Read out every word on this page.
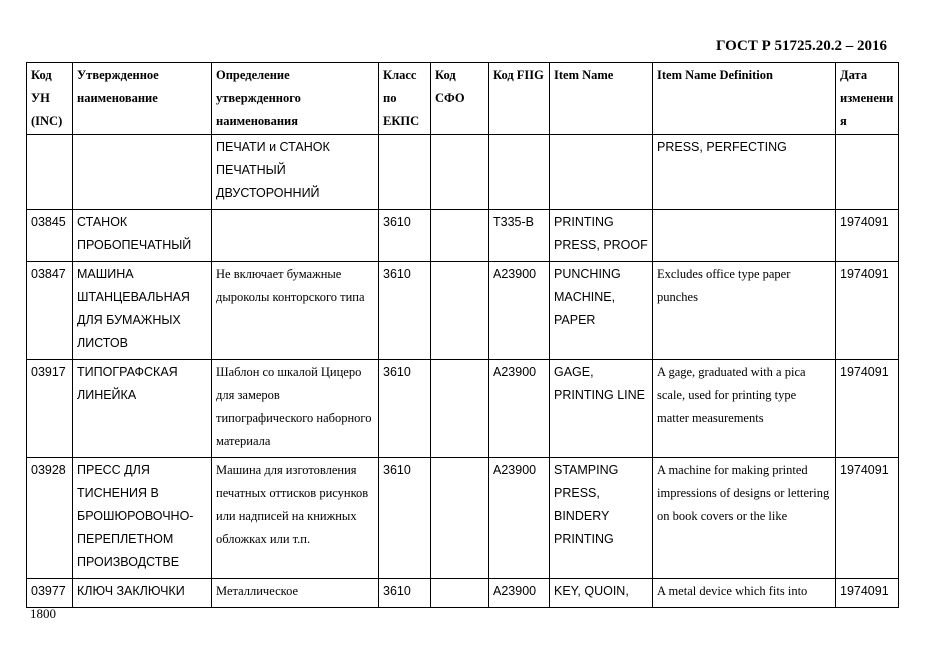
ГОСТ Р 51725.20.2 – 2016
Код УН (INC)	Утвержденное наименование	Определение утвержденного наименования	Класс по ЕКПС	Код СФО	Код FIIG	Item Name	Item Name Definition	Дата изменения
		ПЕЧАТИ и СТАНОК ПЕЧАТНЫЙ ДВУСТОРОННИЙ					PRESS, PERFECTING	
03845	СТАНОК ПРОБОПЕЧАТНЫЙ		3610		T335-B	PRINTING PRESS, PROOF		1974091
03847	МАШИНА ШТАНЦЕВАЛЬНАЯ ДЛЯ БУМАЖНЫХ ЛИСТОВ	Не включает бумажные дыроколы конторского типа	3610		A23900	PUNCHING MACHINE, PAPER	Excludes office type paper punches	1974091
03917	ТИПОГРАФСКАЯ ЛИНЕЙКА	Шаблон со шкалой Цицеро для замеров типографического наборного материала	3610		A23900	GAGE, PRINTING LINE	A gage, graduated with a pica scale, used for printing type matter measurements	1974091
03928	ПРЕСС ДЛЯ ТИСНЕНИЯ В БРОШЮРОВОЧНО-ПЕРЕПЛЕТНОМ ПРОИЗВОДСТВЕ	Машина для изготовления печатных оттисков рисунков или надписей на книжных обложках или т.п.	3610		A23900	STAMPING PRESS, BINDERY PRINTING	A machine for making printed impressions of designs or lettering on book covers or the like	1974091
03977	КЛЮЧ ЗАКЛЮЧКИ	Металлическое	3610		A23900	KEY, QUOIN,	A metal device which fits into	1974091
1800
